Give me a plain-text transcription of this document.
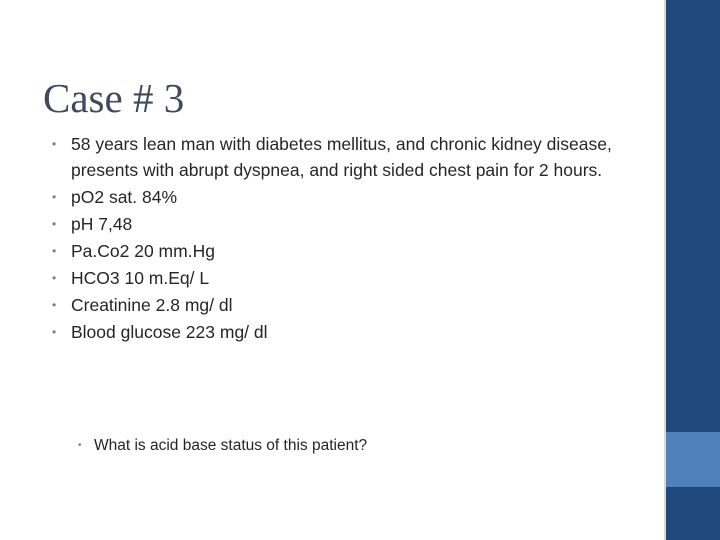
Case # 3
• 58 years lean man with diabetes mellitus, and chronic kidney disease, presents with abrupt dyspnea, and right sided chest pain for 2 hours.
• pO2 sat. 84%
• pH 7,48
• Pa.Co2 20 mm.Hg
• HCO3 10 m.Eq/ L
• Creatinine 2.8 mg/ dl
• Blood glucose 223 mg/ dl
• What is acid base status of this patient?
